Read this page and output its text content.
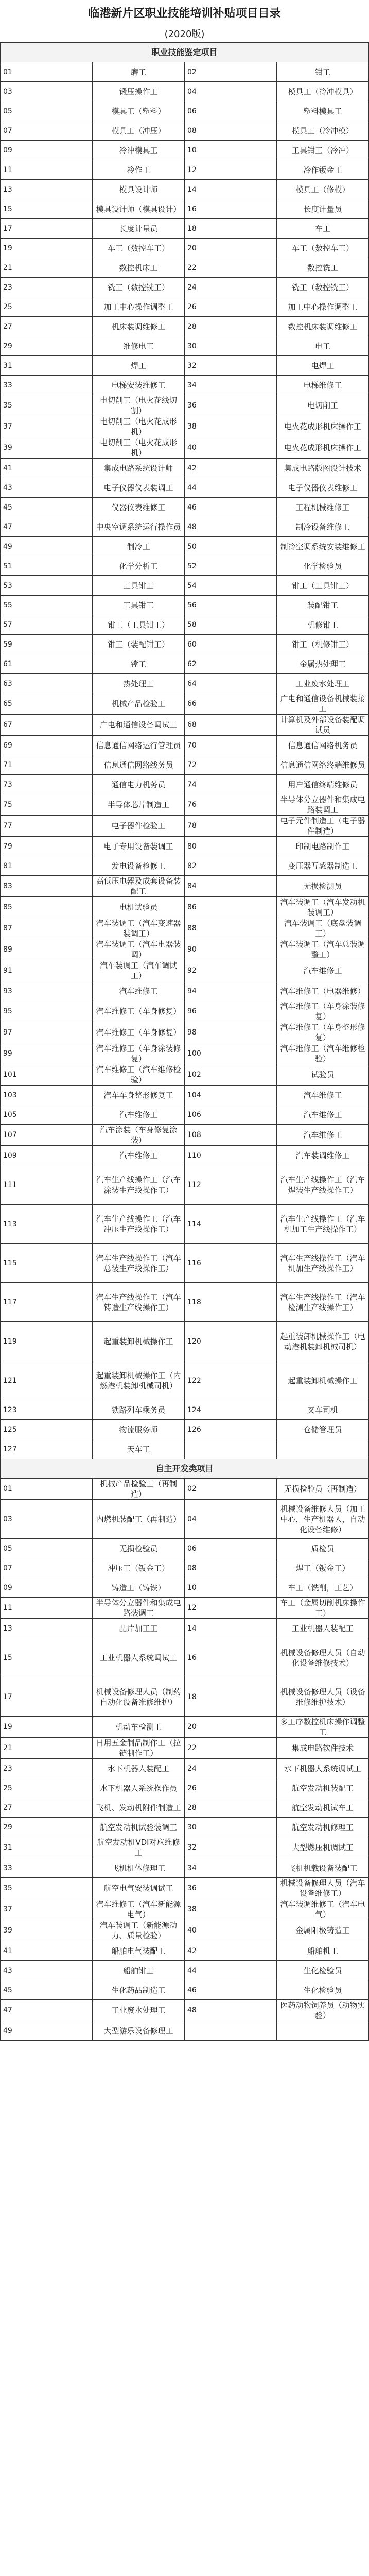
临港新片区职业技能培训补贴项目目录
(2020版)
职业技能鉴定项目			
01	磨工	02	钳工
03	锻压操作工	04	模具工（冷冲模具）
05	模具工（塑料）	06	塑料模具工
07	模具工（冲压）	08	模具工（冷冲模）
09	冷冲模具工	10	工具钳工（冷冲）
11	冷作工	12	冷作钣金工
13	模具设计师	14	模具工（修模）
15	模具设计师（模具设计）	16	长度计量员
17	长度计量员	18	车工
19	车工（数控车工）	20	车工（数控车工）
21	数控机床工	22	数控铣工
23	铣工（数控铣工）	24	铣工（数控铣工）
25	加工中心操作调整工	26	加工中心操作调整工
27	机床装调维修工	28	数控机床装调维修工
29	维修电工	30	电工
31	焊工	32	电焊工
33	电梯安装维修工	34	电梯维修工
35	电切削工（电火花线切割）	36	电切削工
37	电切削工（电火花成形机）	38	电火花成形机床操作工
39	电切削工（电火花成形机）	40	电火花成形机床操作工
41	集成电路系统设计师	42	集成电路版图设计技术
43	电子仪器仪表装调工	44	电子仪器仪表维修工
45	仪器仪表维修工	46	工程机械维修工
47	中央空调系统运行操作员	48	制冷设备维修工
49	制冷工	50	制冷空调系统安装维修工
51	化学分析工	52	化学检验员
53	工具钳工	54	钳工（工具钳工）
55	工具钳工	56	装配钳工
57	钳工（工具钳工）	58	机修钳工
59	钳工（装配钳工）	60	钳工（机修钳工）
61	镗工	62	金属热处理工
63	热处理工	64	工业废水处理工
65	机械产品检验工	66	广电和通信设备机械装接工
67	广电和通信设备调试工	68	计算机及外部设备装配调试员
69	信息通信网络运行管理员	70	信息通信网络机务员
71	信息通信网络线务员	72	信息通信网络终端维修员
73	通信电力机务员	74	用户通信终端维修员
75	半导体芯片制造工	76	半导体分立器件和集成电路装调工
77	电子器件检验工	78	电子元件制造工（电子器件制造）
79	电子专用设备装调工	80	印制电路制作工
81	发电设备检修工	82	变压器互感器制造工
83	高低压电器及成套设备装配工	84	无损检测员
85	电机试验员	86	汽车装调工（汽车发动机装调工）
87	汽车装调工（汽车变速器装调工）	88	汽车装调工（底盘装调工）
89	汽车装调工（汽车电器装调）	90	汽车装调工（汽车总装调整工）
91	汽车装调工（汽车调试工）	92	汽车维修工
93	汽车维修工	94	汽车维修工（电器维修）
95	汽车维修工（车身修复）	96	汽车维修工（车身涂装修复）
97	汽车维修工（车身修复）	98	汽车维修工（车身整形修复）
99	汽车维修工（车身涂装修复）	100	汽车维修工（汽车维修检验）
101	汽车维修工（汽车维修检验）	102	试验员
103	汽车车身整形修复工	104	汽车维修工
105	汽车维修工	106	汽车维修工
107	汽车涂装（车身修复涂装）	108	汽车维修工
109	汽车维修工	110	汽车装调维修工
111	汽车生产线操作工（汽车涂装生产线操作工）	112	汽车生产线操作工（汽车焊装生产线操作工）
113	汽车生产线操作工（汽车冲压生产线操作工）	114	汽车生产线操作工（汽车机加工生产线操作工）
115	汽车生产线操作工（汽车总装生产线操作工）	116	汽车生产线操作工（汽车机加生产线操作工）
117	汽车生产线操作工（汽车铸造生产线操作工）	118	汽车生产线操作工（汽车检测生产线操作工）
119	起重装卸机械操作工	120	起重装卸机械操作工（电动港机装卸机械司机）
121	起重装卸机械操作工（内燃港机装卸机械司机）	122	起重装卸机械操作工
123	铁路列车乘务员	124	叉车司机
125	物流服务师	126	仓储管理员
127	天车工		
自主开发类项目			
01	机械产品检验工（再制造）	02	无损检验员（再制造）
03	内燃机装配工（再制造）	04	机械设备维修人员（加工中心，生产机器人，自动化设备维修）
05	无损检验员	06	质检员
07	冲压工（钣金工）	08	焊工（钣金工）
09	铸造工（铸铁）	10	车工（铣削，工艺）
11	半导体分立器件和集成电路装调工	12	车工（金属切削机床操作工）
13	晶片加工工	14	工业机器人装配工
15	工业机器人系统调试工	16	机械设备修理人员（自动化设备维修技术）
17	机械设备修理人员（制药自动化设备维修维护）	18	机械设备修理人员（设备维修维护技术）
19	机动车检测工	20	多工序数控机床操作调整工
21	日用五金制品制作工（拉链制作工）	22	集成电路软件技术
23	水下机器人装配工	24	水下机器人系统调试工
25	水下机器人系统操作员	26	航空发动机装配工
27	飞机、发动机附件制造工	28	航空发动机试车工
29	航空发动机试验装调工	30	航空发动机修理工
31	航空发动机VDI对应维修工	32	大型燃压机调试工
33	飞机机体修理工	34	飞机机载设备装配工
35	航空电气安装调试工	36	机械设备修理人员（汽车设备维修工）
37	汽车维修工（汽车新能源电气）	38	汽车装调维修工（汽车电气）
39	汽车装调工（新能源动力、质量检验）	40	金属阳极铸造工
41	船舶电气装配工	42	船舶机工
43	船舶钳工	44	生化检验员
45	生化药品制造工	46	生化检验员
47	工业废水处理工	48	医药动物饲养员（动物实验）
49	大型游乐设备修理工		
